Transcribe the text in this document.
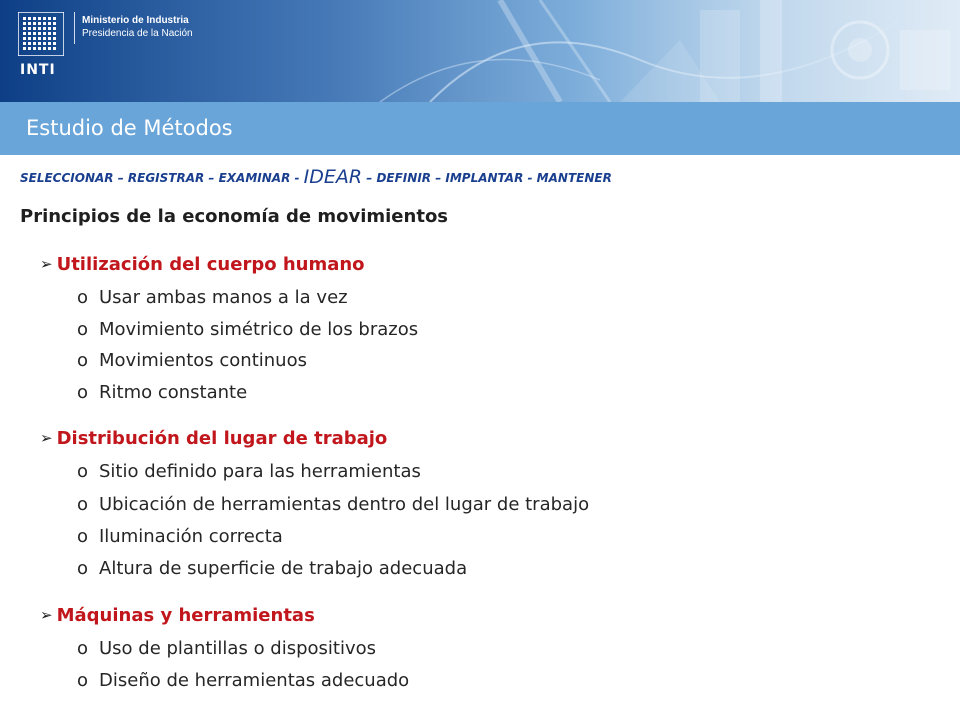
INTI
Ministerio de Industria
Presidencia de la Nación
Estudio de Métodos
SELECCIONAR – REGISTRAR – EXAMINAR - IDEAR – DEFINIR – IMPLANTAR - MANTENER
Principios de la economía de movimientos
➢ Utilización del cuerpo humano
o Usar ambas manos a la vez
o Movimiento simétrico de los brazos
o Movimientos continuos
o Ritmo constante
➢ Distribución del lugar de trabajo
o Sitio definido para las herramientas
o Ubicación de herramientas dentro del lugar de trabajo
o Iluminación correcta
o Altura de superficie de trabajo adecuada
➢ Máquinas y herramientas
o Uso de plantillas o dispositivos
o Diseño de herramientas adecuado
